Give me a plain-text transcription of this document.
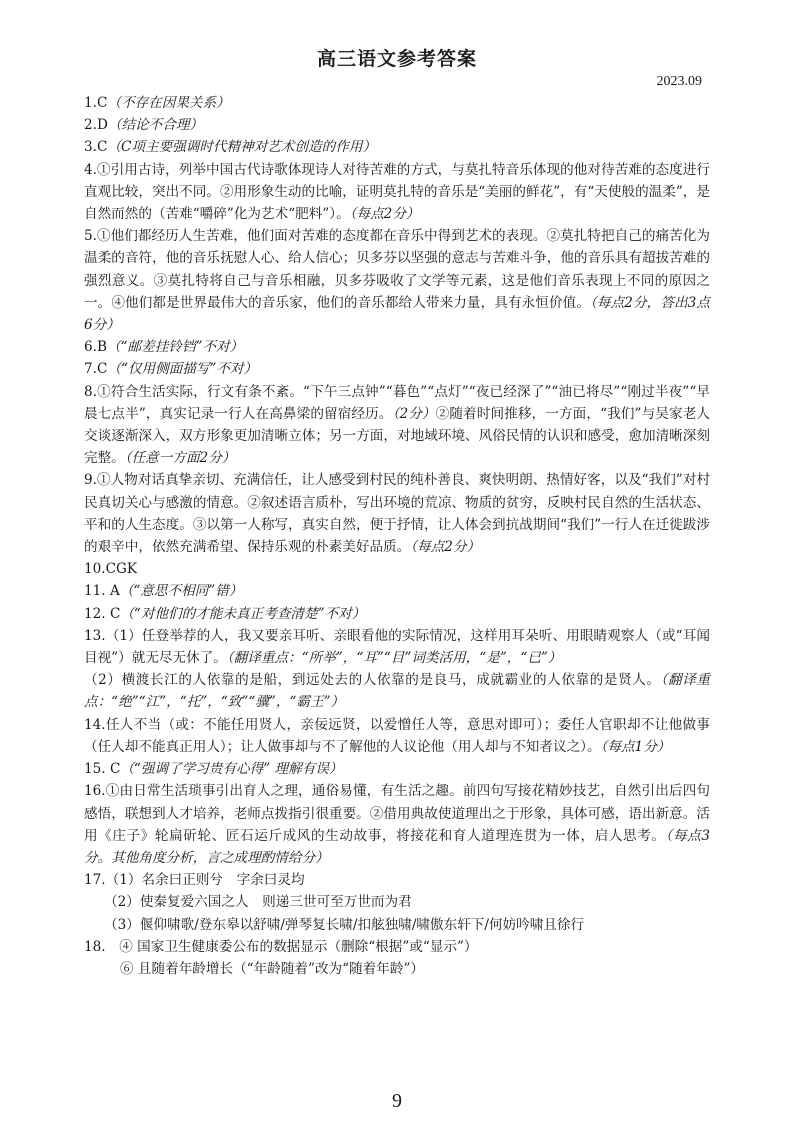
高三语文参考答案
2023.09

1.C（不存在因果关系）

2.D（结论不合理）

3.C（C项主要强调时代精神对艺术创造的作用）

4.①引用古诗，列举中国古代诗歌体现诗人对待苦难的方式，与莫扎特音乐体现的他对待苦难的态度进行直观比较，突出不同。②用形象生动的比喻，证明莫扎特的音乐是“美丽的鲜花”，有“天使般的温柔”，是自然而然的（苦难“嚼碎”化为艺术“肥料”）。（每点2分）

5.①他们都经历人生苦难，他们面对苦难的态度都在音乐中得到艺术的表现。②莫扎特把自己的痛苦化为温柔的音符，他的音乐抚慰人心、给人信心；贝多芬以坚强的意志与苦难斗争，他的音乐具有超拔苦难的强烈意义。③莫扎特将自己与音乐相融，贝多芬吸收了文学等元素，这是他们音乐表现上不同的原因之一。④他们都是世界最伟大的音乐家，他们的音乐都给人带来力量，具有永恒价值。（每点2分，答出3点6分）

6.B（“邮差挂铃铛”不对）

7.C（“仅用侧面描写”不对）

8.①符合生活实际，行文有条不紊。“下午三点钟”“暮色”“点灯”“夜已经深了”“油已将尽”“刚过半夜”“早晨七点半”，真实记录一行人在高鼻梁的留宿经历。（2分）②随着时间推移，一方面，“我们”与吴家老人交谈逐渐深入，双方形象更加清晰立体；另一方面，对地域环境、风俗民情的认识和感受，愈加清晰深刻完整。（任意一方面2分）

9.①人物对话真挚亲切、充满信任，让人感受到村民的纯朴善良、爽快明朗、热情好客，以及“我们”对村民真切关心与感激的情意。②叙述语言质朴，写出环境的荒凉、物质的贫穷，反映村民自然的生活状态、平和的人生态度。③以第一人称写，真实自然，便于抒情，让人体会到抗战期间“我们”一行人在迁徙跋涉的艰辛中，依然充满希望、保持乐观的朴素美好品质。（每点2分）

10.CGK

11. A（“意思不相同”错）

12. C（“对他们的才能未真正考查清楚”不对）

13.（1）任登举荐的人，我又要亲耳听、亲眼看他的实际情况，这样用耳朵听、用眼睛观察人（或“耳闻目视”）就无尽无休了。（翻译重点：“所举”，“耳”“目”词类活用，“是”，“已”）

（2）横渡长江的人依靠的是船，到远处去的人依靠的是良马，成就霸业的人依靠的是贤人。（翻译重点：“绝”“江”，“托”，“致”“骥”，“霸王”）

14.任人不当（或：不能任用贤人，亲佞远贤，以爱憎任人等，意思对即可）；委任人官职却不让他做事（任人却不能真正用人）；让人做事却与不了解他的人议论他（用人却与不知者议之）。（每点1分）

15. C（“强调了学习贵有心得” 理解有误）

16.①由日常生活琐事引出育人之理，通俗易懂，有生活之趣。前四句写接花精妙技艺，自然引出后四句感悟，联想到人才培养，老师点拨指引很重要。②借用典故使道理出之于形象，具体可感，语出新意。活用《庄子》轮扁斫轮、匠石运斤成风的生动故事，将接花和育人道理连贯为一体，启人思考。（每点3分。其他角度分析，言之成理酌情给分）

17.（1）名余曰正则兮　字余曰灵均

（2）使秦复爱六国之人　则递三世可至万世而为君

（3）偃仰啸歌/登东皋以舒啸/弹琴复长啸/扣舷独啸/啸傲东轩下/何妨吟啸且徐行

18.　 ④ 国家卫生健康委公布的数据显示（删除“根据”或“显示”）

⑥ 且随着年龄增长（“年龄随着”改为“随着年龄”）

9
